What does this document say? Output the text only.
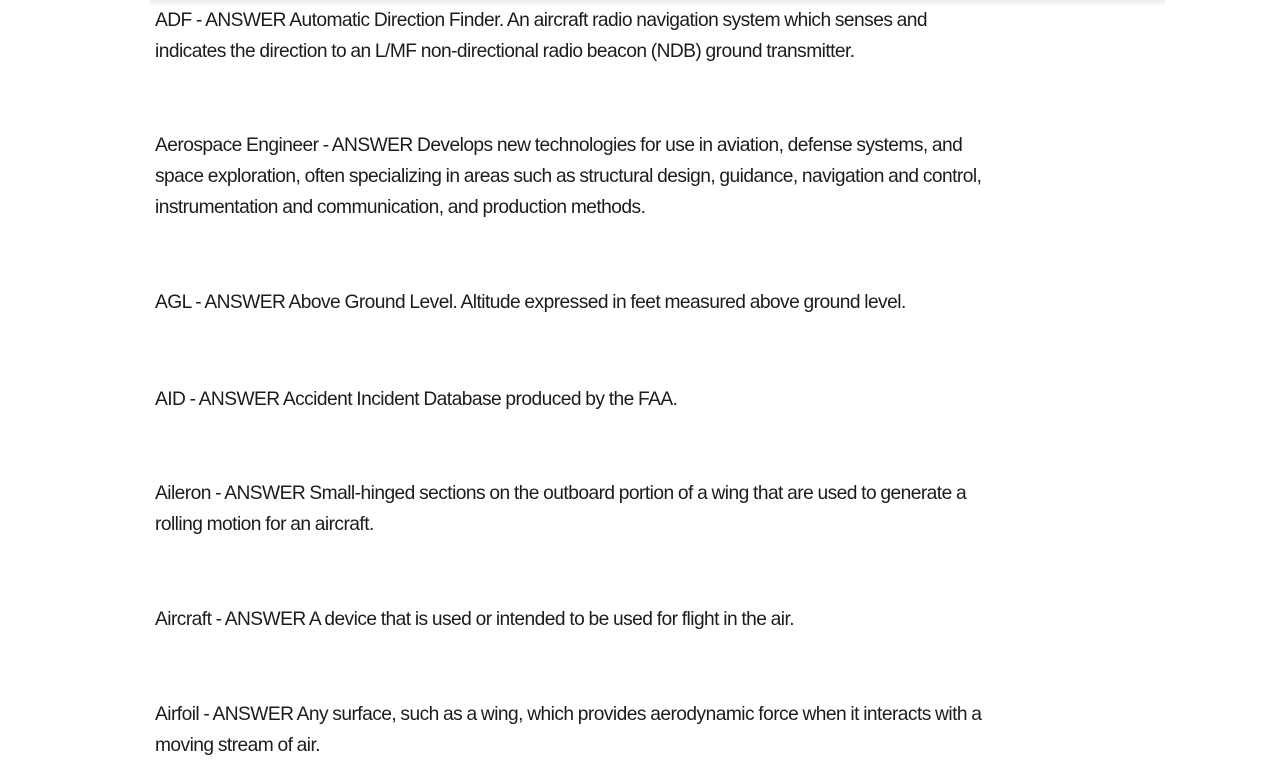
ADF - ANSWER Automatic Direction Finder. An aircraft radio navigation system which senses and
indicates the direction to an L/MF non-directional radio beacon (NDB) ground transmitter.
Aerospace Engineer - ANSWER Develops new technologies for use in aviation, defense systems, and
space exploration, often specializing in areas such as structural design, guidance, navigation and control,
instrumentation and communication, and production methods.
AGL - ANSWER Above Ground Level. Altitude expressed in feet measured above ground level.
AID - ANSWER Accident Incident Database produced by the FAA.
Aileron - ANSWER Small-hinged sections on the outboard portion of a wing that are used to generate a
rolling motion for an aircraft.
Aircraft - ANSWER A device that is used or intended to be used for flight in the air.
Airfoil - ANSWER Any surface, such as a wing, which provides aerodynamic force when it interacts with a
moving stream of air.
